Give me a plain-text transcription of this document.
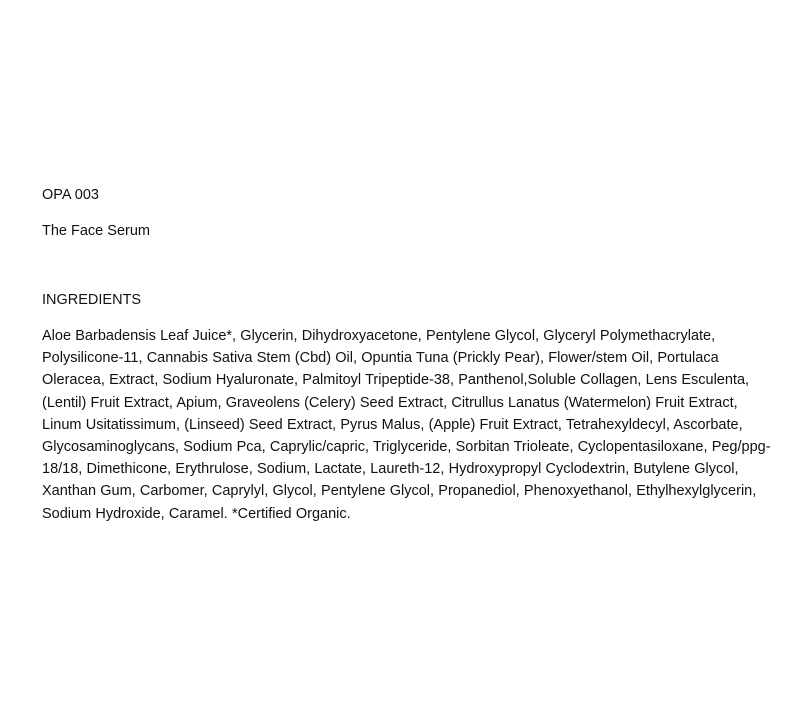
OPA 003

The Face Serum

INGREDIENTS

Aloe Barbadensis Leaf Juice*, Glycerin, Dihydroxyacetone, Pentylene Glycol, Glyceryl Polymethacrylate, Polysilicone-11, Cannabis Sativa Stem (Cbd) Oil, Opuntia Tuna (Prickly Pear), Flower/stem Oil, Portulaca Oleracea, Extract, Sodium Hyaluronate, Palmitoyl Tripeptide-38, Panthenol,Soluble Collagen, Lens Esculenta, (Lentil) Fruit Extract, Apium, Graveolens (Celery) Seed Extract, Citrullus Lanatus (Watermelon) Fruit Extract, Linum Usitatissimum, (Linseed) Seed Extract, Pyrus Malus, (Apple) Fruit Extract, Tetrahexyldecyl, Ascorbate, Glycosaminoglycans, Sodium Pca, Caprylic/capric, Triglyceride, Sorbitan Trioleate, Cyclopentasiloxane, Peg/ppg-18/18, Dimethicone, Erythrulose, Sodium, Lactate, Laureth-12, Hydroxypropyl Cyclodextrin, Butylene Glycol, Xanthan Gum, Carbomer, Caprylyl, Glycol, Pentylene Glycol, Propanediol, Phenoxyethanol, Ethylhexylglycerin, Sodium Hydroxide, Caramel. *Certified Organic.
